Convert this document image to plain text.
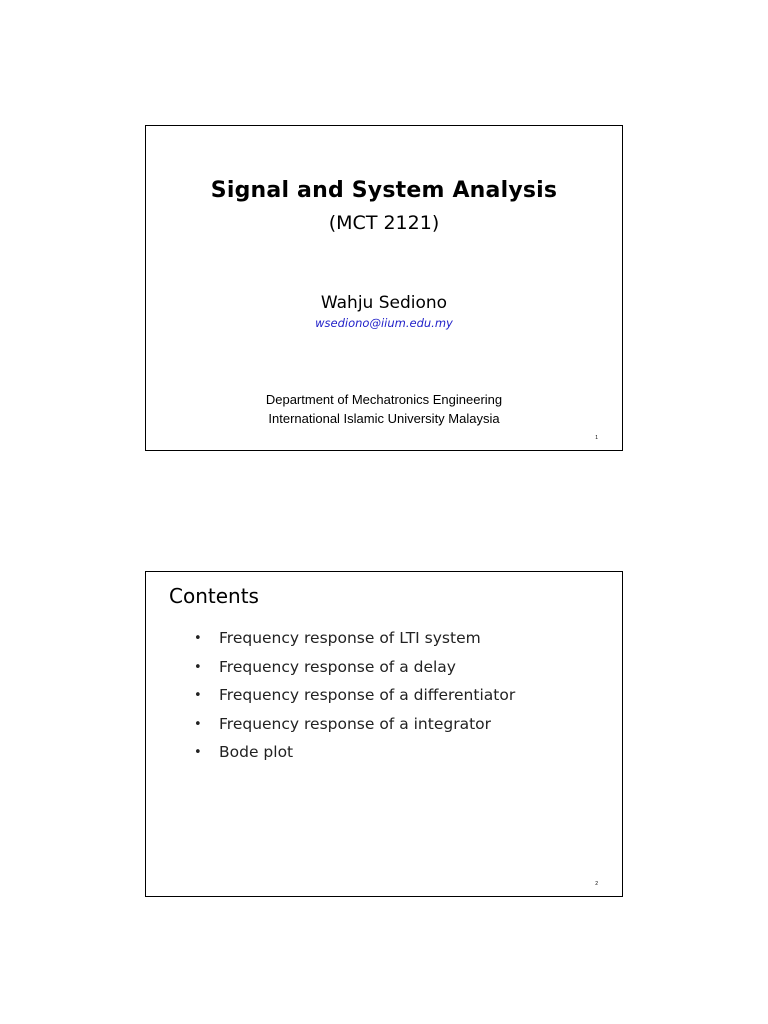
Signal and System Analysis
(MCT 2121)
Wahju Sediono
wsediono@iium.edu.my
Department of Mechatronics Engineering
International Islamic University Malaysia
1
Contents
• Frequency response of LTI system
• Frequency response of a delay
• Frequency response of a differentiator
• Frequency response of a integrator
• Bode plot
2
